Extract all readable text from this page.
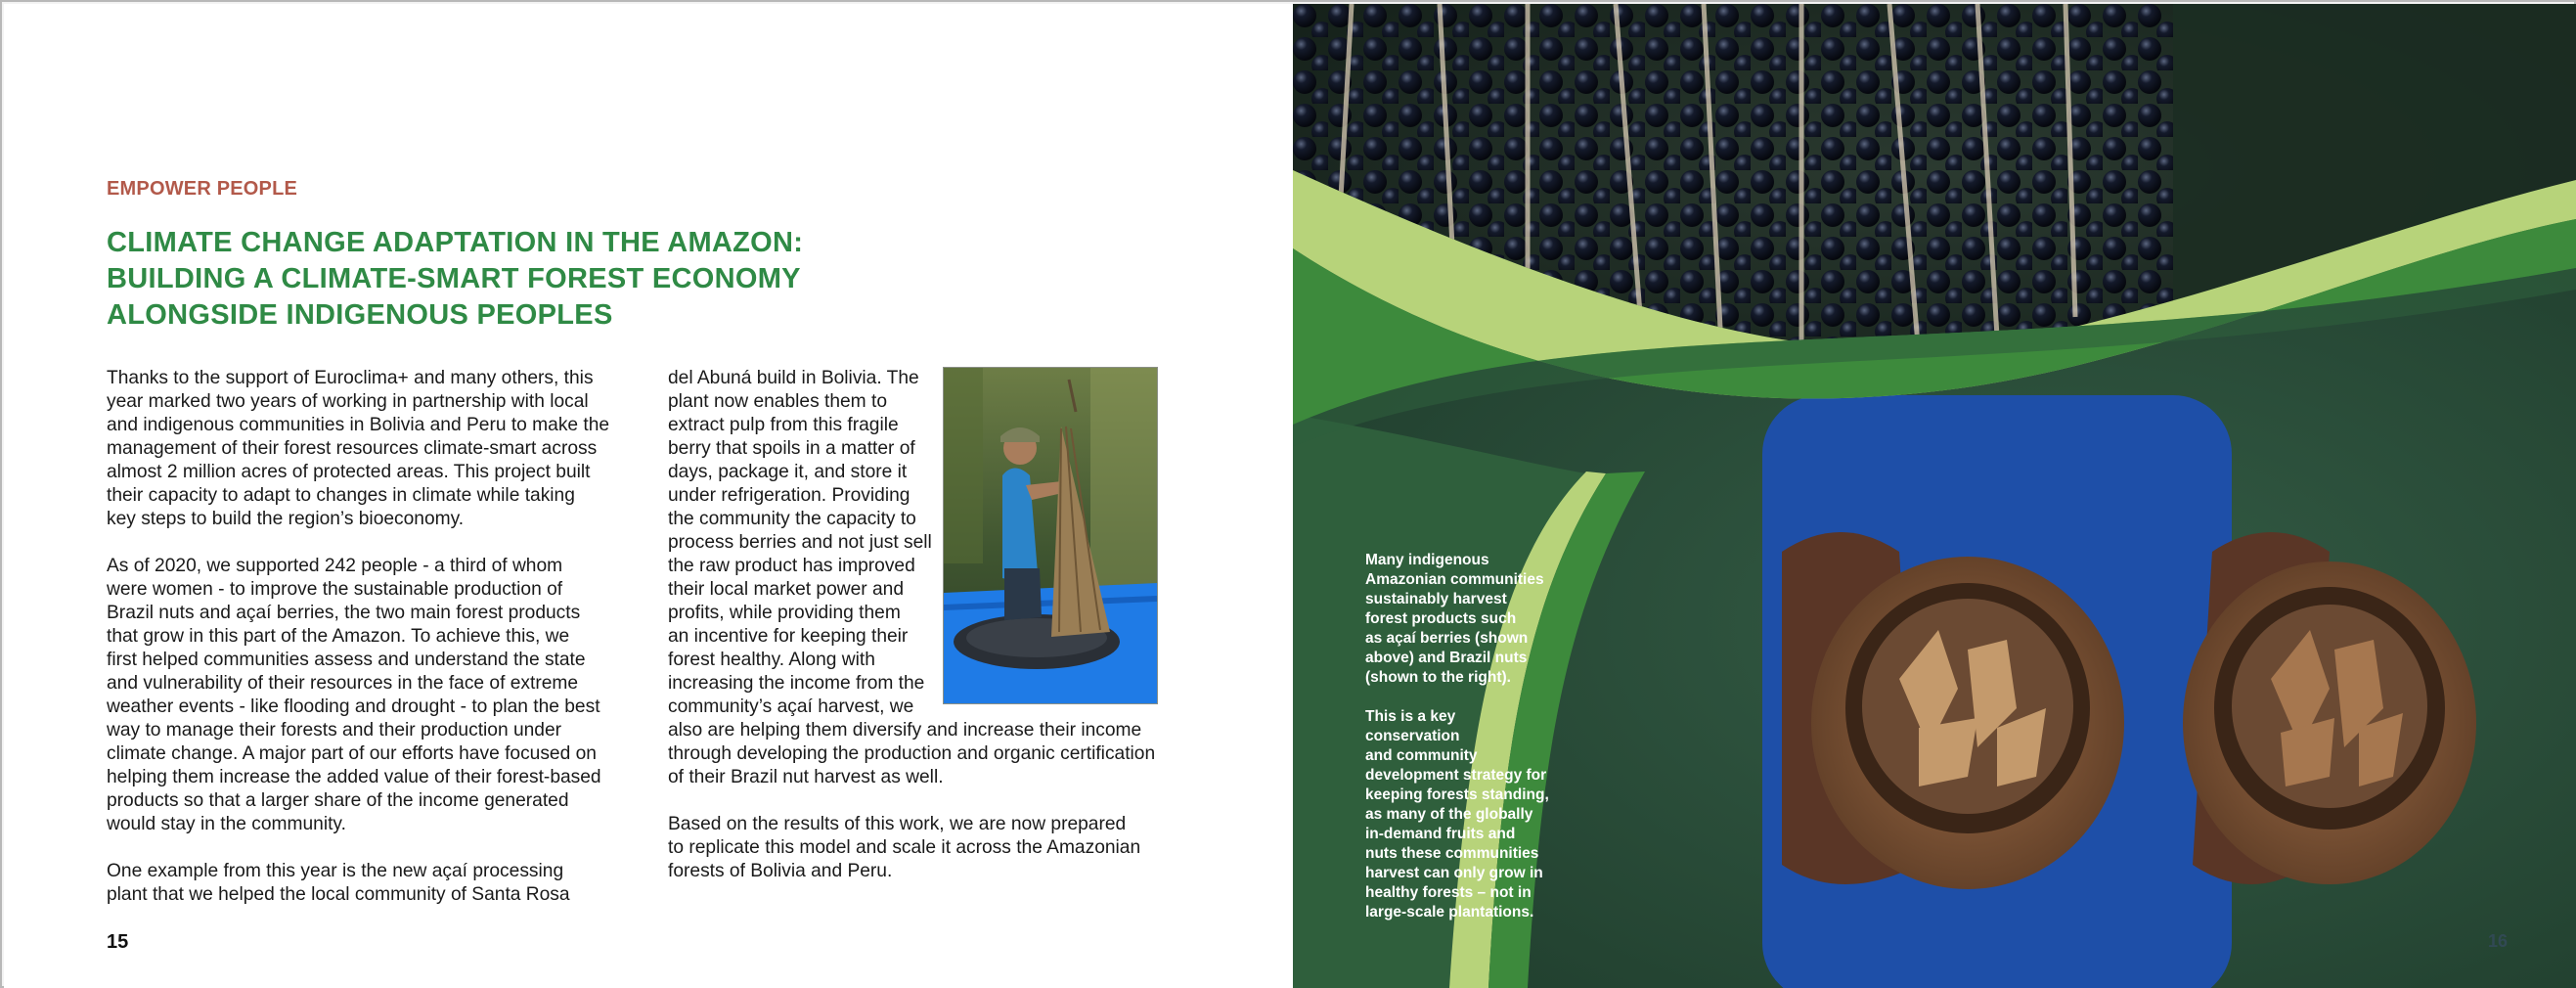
EMPOWER PEOPLE
CLIMATE CHANGE ADAPTATION IN THE AMAZON:
BUILDING A CLIMATE-SMART FOREST ECONOMY
ALONGSIDE INDIGENOUS PEOPLES

Thanks to the support of Euroclima+ and many others, this
year marked two years of working in partnership with local
and indigenous communities in Bolivia and Peru to make the
management of their forest resources climate-smart across
almost 2 million acres of protected areas. This project built
their capacity to adapt to changes in climate while taking
key steps to build the region’s bioeconomy.

As of 2020, we supported 242 people - a third of whom
were women - to improve the sustainable production of
Brazil nuts and açaí berries, the two main forest products
that grow in this part of the Amazon. To achieve this, we
first helped communities assess and understand the state
and vulnerability of their resources in the face of extreme
weather events - like flooding and drought - to plan the best
way to manage their forests and their production under
climate change. A major part of our efforts have focused on
helping them increase the added value of their forest-based
products so that a larger share of the income generated
would stay in the community.

One example from this year is the new açaí processing
plant that we helped the local community of Santa Rosa

del Abuná build in Bolivia. The
plant now enables them to
extract pulp from this fragile
berry that spoils in a matter of
days, package it, and store it
under refrigeration. Providing
the community the capacity to
process berries and not just sell
the raw product has improved
their local market power and
profits, while providing them
an incentive for keeping their
forest healthy. Along with
increasing the income from the
community’s açaí harvest, we
also are helping them diversify and increase their income
through developing the production and organic certification
of their Brazil nut harvest as well.

Based on the results of this work, we are now prepared
to replicate this model and scale it across the Amazonian
forests of Bolivia and Peru.

15

Many indigenous
Amazonian communities
sustainably harvest
forest products such
as açaí berries (shown
above) and Brazil nuts
(shown to the right).

This is a key conservation
and community
development strategy for
keeping forests standing,
as many of the globally
in-demand fruits and
nuts these communities
harvest can only grow in
healthy forests – not in
large-scale plantations.

16
